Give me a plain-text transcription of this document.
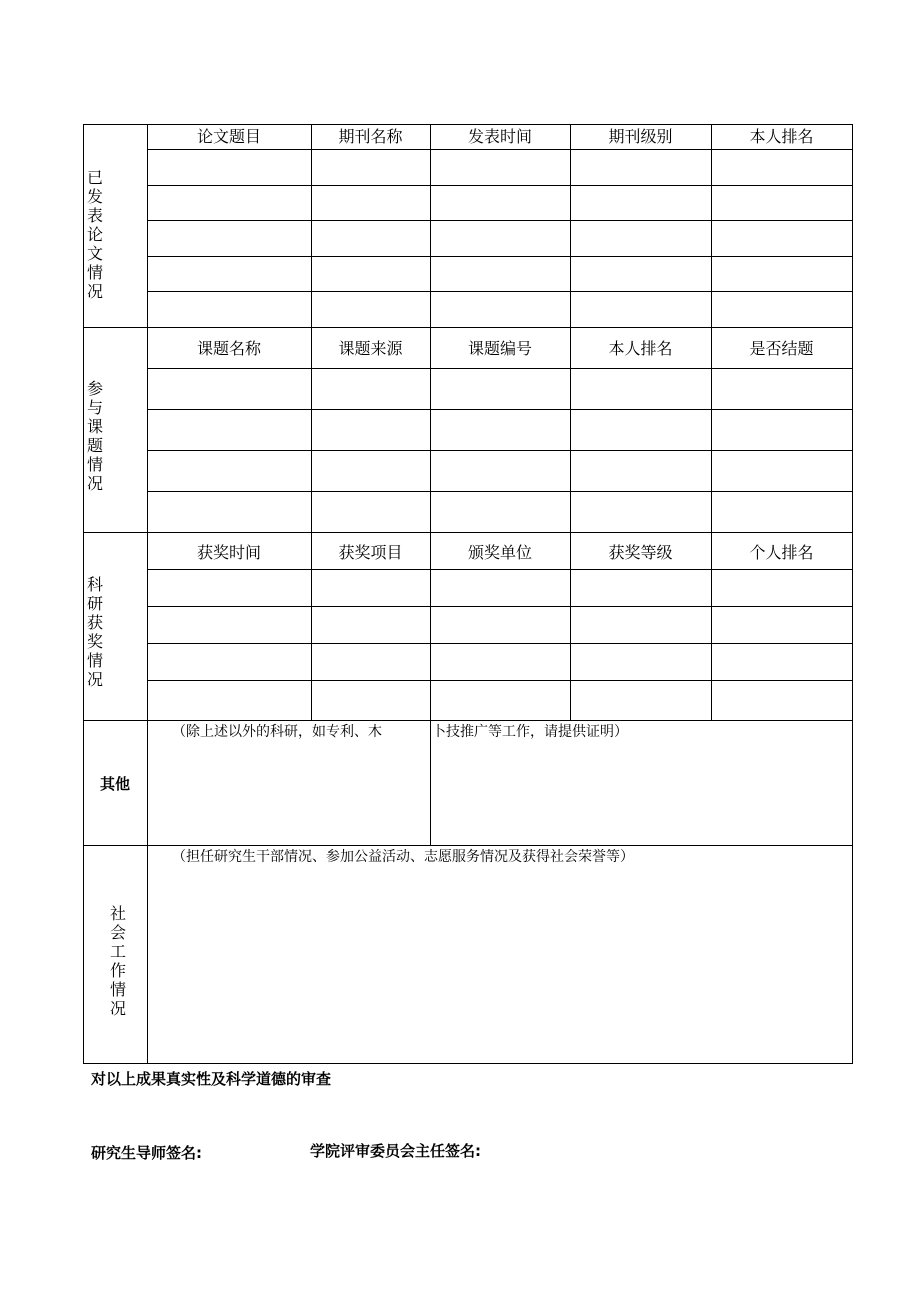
已
发
表
论
文
情
况
论文题目	期刊名称	发表时间	期刊级别	本人排名
参
与
课
题
情
况
课题名称	课题来源	课题编号	本人排名	是否结题
科
研
获
奖
情
况
获奖时间	获奖项目	颁奖单位	获奖等级	个人排名
其他
（除上述以外的科研，如专利、木	卜技推广等工作，请提供证明）
社
会
工
作
情
况
（担任研究生干部情况、参加公益活动、志愿服务情况及获得社会荣誉等）
对以上成果真实性及科学道德的审查
研究生导师签名:	学院评审委员会主任签名:
